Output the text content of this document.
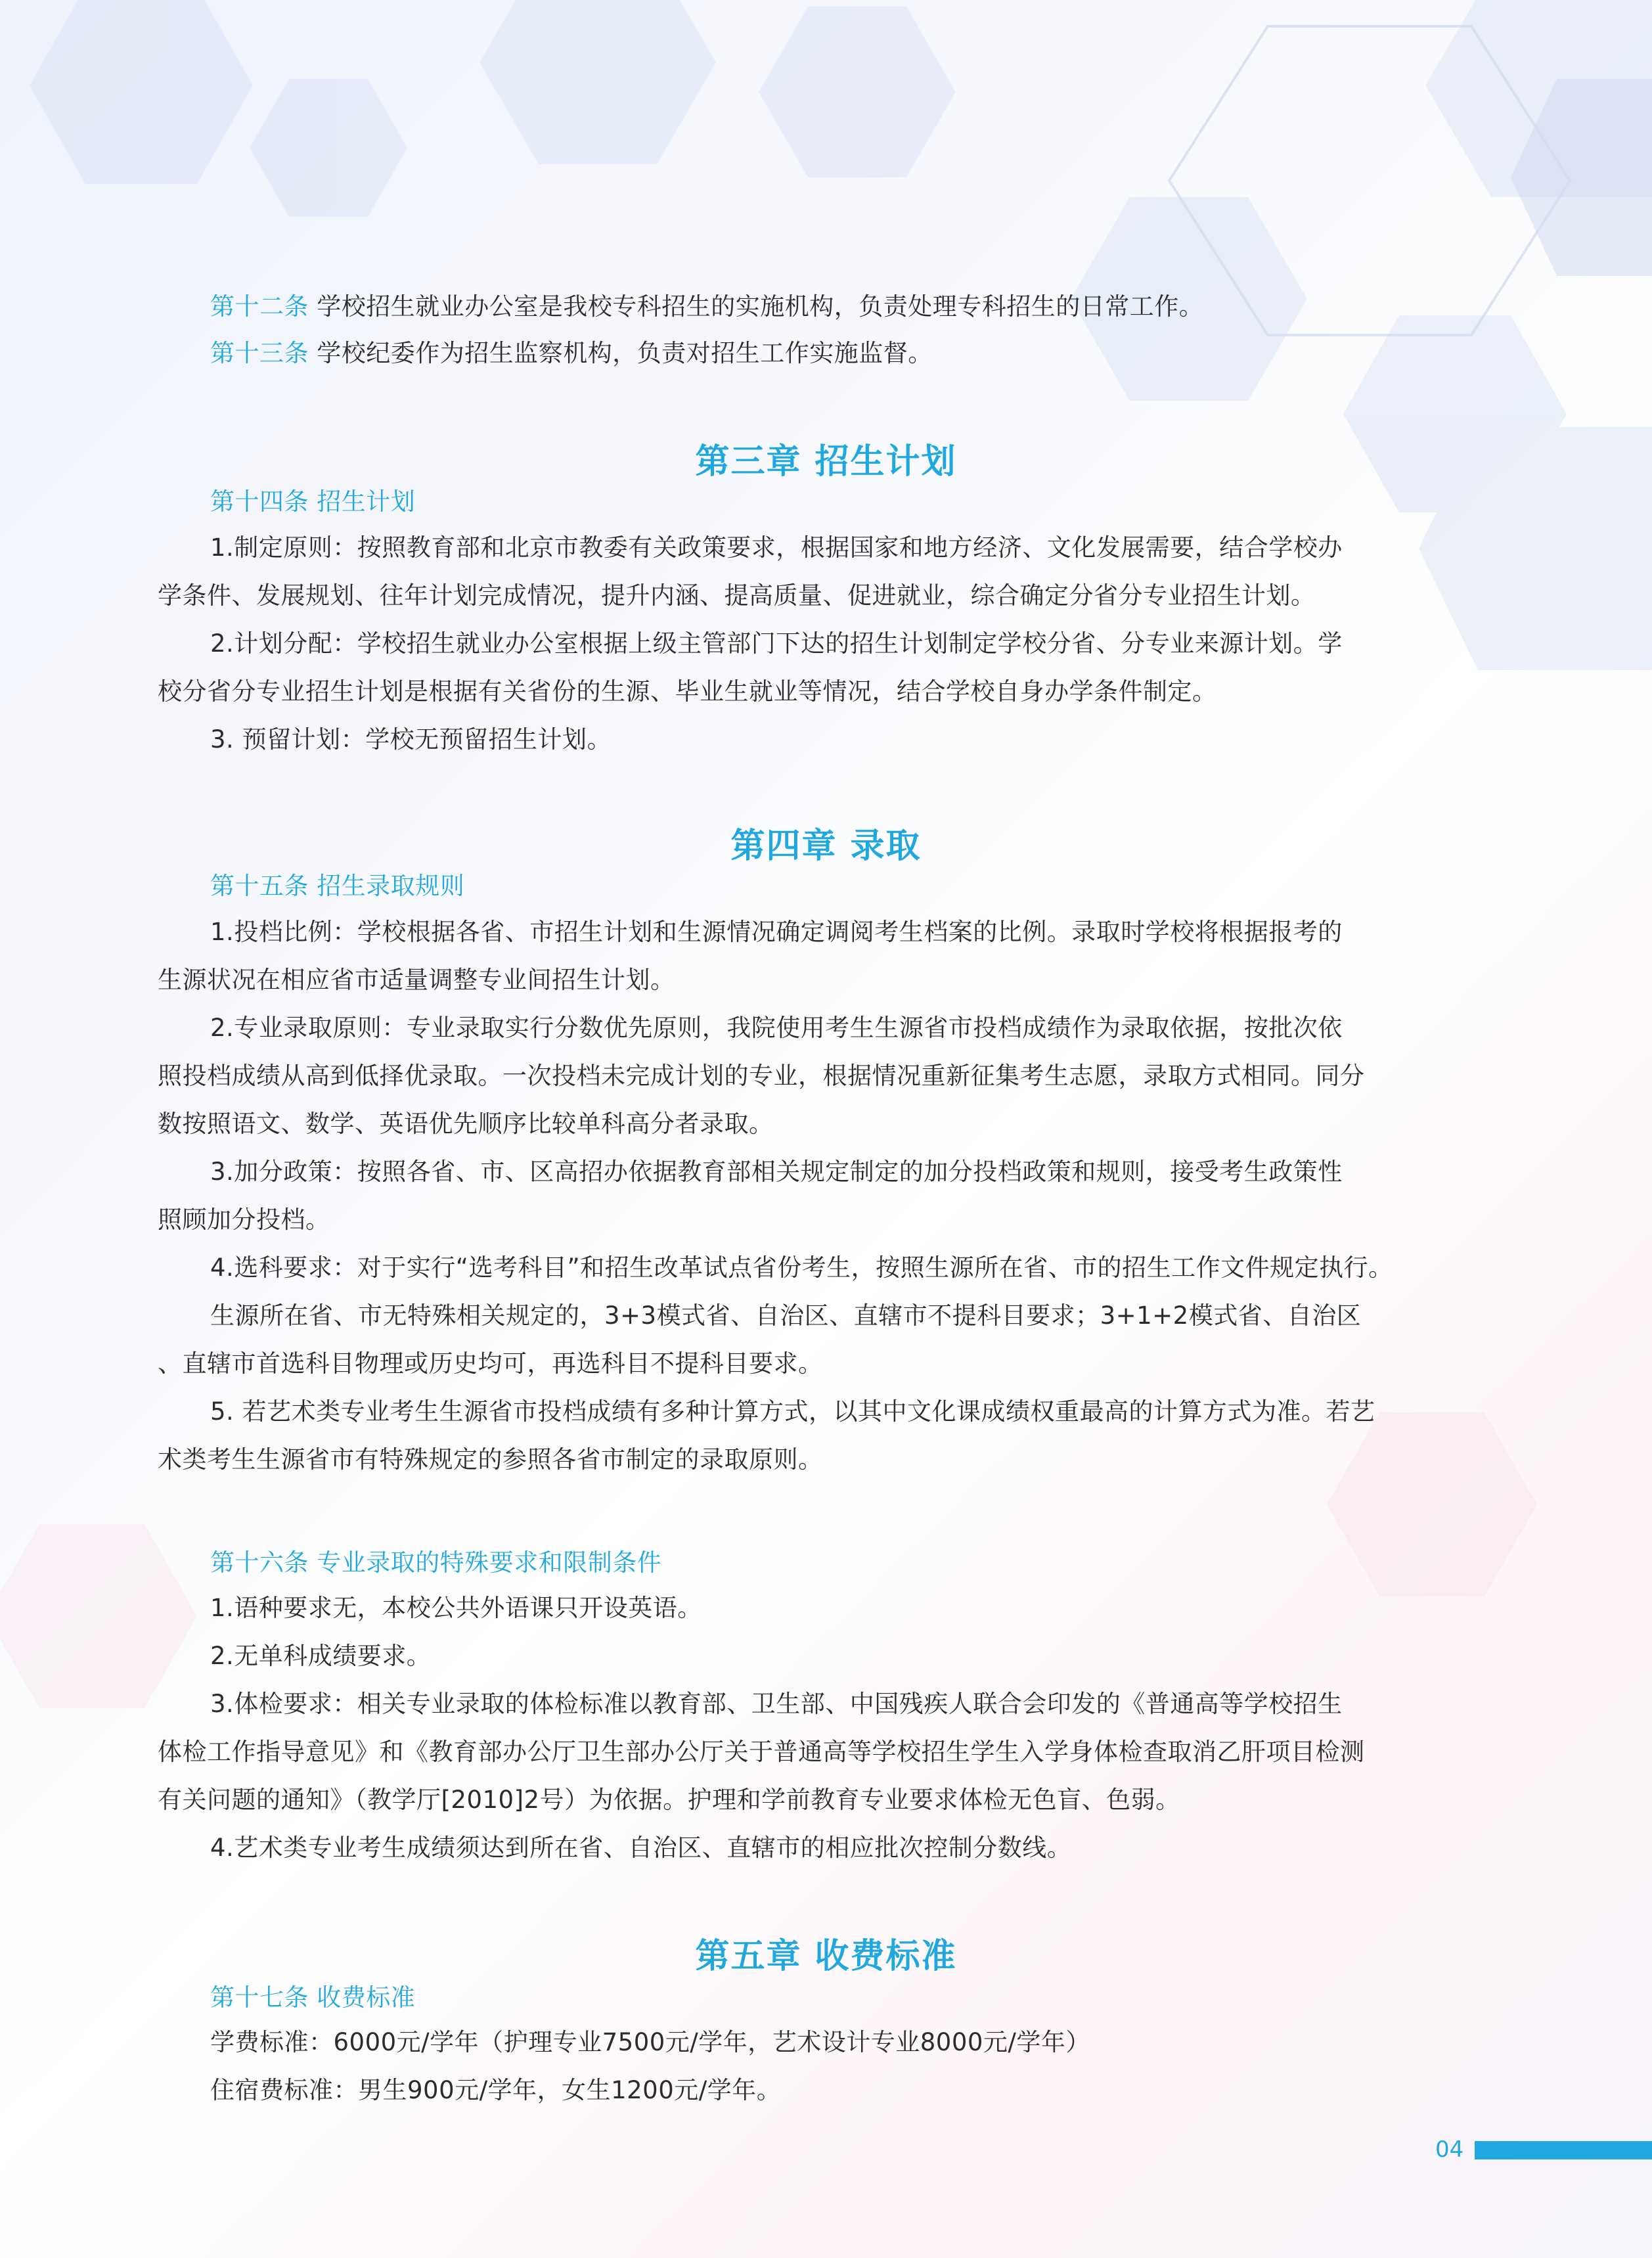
第十二条 学校招生就业办公室是我校专科招生的实施机构，负责处理专科招生的日常工作。
第十三条 学校纪委作为招生监察机构，负责对招生工作实施监督。
第三章 招生计划
第十四条 招生计划
1.制定原则：按照教育部和北京市教委有关政策要求，根据国家和地方经济、文化发展需要，结合学校办
学条件、发展规划、往年计划完成情况，提升内涵、提高质量、促进就业，综合确定分省分专业招生计划。
2.计划分配：学校招生就业办公室根据上级主管部门下达的招生计划制定学校分省、分专业来源计划。学
校分省分专业招生计划是根据有关省份的生源、毕业生就业等情况，结合学校自身办学条件制定。
3. 预留计划：学校无预留招生计划。
第四章 录取
第十五条 招生录取规则
1.投档比例：学校根据各省、市招生计划和生源情况确定调阅考生档案的比例。录取时学校将根据报考的
生源状况在相应省市适量调整专业间招生计划。
2.专业录取原则：专业录取实行分数优先原则，我院使用考生生源省市投档成绩作为录取依据，按批次依
照投档成绩从高到低择优录取。一次投档未完成计划的专业，根据情况重新征集考生志愿，录取方式相同。同分
数按照语文、数学、英语优先顺序比较单科高分者录取。
3.加分政策：按照各省、市、区高招办依据教育部相关规定制定的加分投档政策和规则，接受考生政策性
照顾加分投档。
4.选科要求：对于实行“选考科目”和招生改革试点省份考生，按照生源所在省、市的招生工作文件规定执行。
生源所在省、市无特殊相关规定的，3+3模式省、自治区、直辖市不提科目要求；3+1+2模式省、自治区
、直辖市首选科目物理或历史均可，再选科目不提科目要求。
5. 若艺术类专业考生生源省市投档成绩有多种计算方式，以其中文化课成绩权重最高的计算方式为准。若艺
术类考生生源省市有特殊规定的参照各省市制定的录取原则。
第十六条 专业录取的特殊要求和限制条件
1.语种要求无，本校公共外语课只开设英语。
2.无单科成绩要求。
3.体检要求：相关专业录取的体检标准以教育部、卫生部、中国残疾人联合会印发的《普通高等学校招生
体检工作指导意见》和《教育部办公厅卫生部办公厅关于普通高等学校招生学生入学身体检查取消乙肝项目检测
有关问题的通知》（教学厅[2010]2号）为依据。护理和学前教育专业要求体检无色盲、色弱。
4.艺术类专业考生成绩须达到所在省、自治区、直辖市的相应批次控制分数线。
第五章 收费标准
第十七条 收费标准
学费标准：6000元/学年（护理专业7500元/学年，艺术设计专业8000元/学年）
住宿费标准：男生900元/学年，女生1200元/学年。
04
